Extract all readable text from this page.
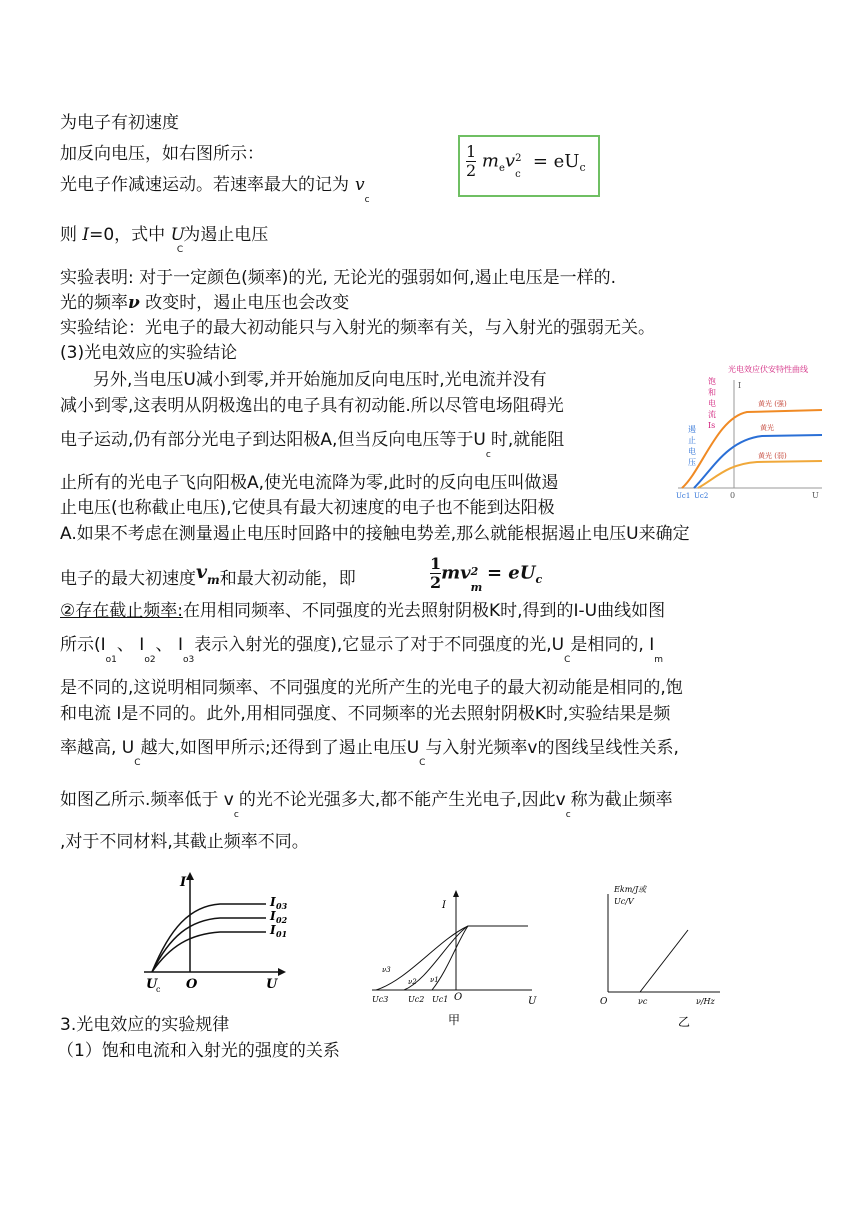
为电子有初速度
加反向电压，如右图所示：
光电子作减速运动。若速率最大的记为 $v_c$
$\frac{1}{2} m_ev$ 2
c
= $eU_c$
则 I=0，式中 $U_C$为遏止电压
实验表明: 对于一定颜色(频率)的光, 无论光的强弱如何,遏止电压是一样的.
光的频率ν 改变时，遏止电压也会改变
实验结论：光电子的最大初动能只与入射光的频率有关，与入射光的强弱无关。
(3)光电效应的实验结论
另外,当电压U减小到零,并开始施加反向电压时,光电流并没有
减小到零,这表明从阴极逸出的电子具有初动能.所以尽管电场阻碍光
电子运动,仍有部分光电子到达阳极A,但当反向电压等于$U_c$时,就能阻
止所有的光电子飞向阳极A,使光电流降为零,此时的反向电压叫做遏
止电压(也称截止电压),它使具有最大初速度的电子也不能到达阳极
A.如果不考虑在测量遏止电压时回路中的接触电势差,那么就能根据遏止电压U来确定
电子的最大初速度vm和最大初动能，即	$\frac{1}{2}$ mv 2
m
= $eU_c$
②存在截止频率:在用相同频率、不同强度的光去照射阴极K时,得到的I-U曲线如图
所示($I_{o1}$、 $I_{o2}$、 $I_{o3}$表示入射光的强度),它显示了对于不同强度的光$,U_C$是相同的, $I_m$
是不同的,这说明相同频率、不同强度的光所产生的光电子的最大初动能是相同的,饱
和电流 I是不同的。此外,用相同强度、不同频率的光去照射阴极K时,实验结果是频
率越高, $U_C$越大,如图甲所示;还得到了遏止电压$U_C$与入射光频率v的图线呈线性关系,
如图乙所示.频率低于 $v_c$的光不论光强多大,都不能产生光电子,因此$v_c$称为截止频率
,对于不同材料,其截止频率不同。
3.光电效应的实验规律
（1）饱和电流和入射光的强度的关系
光电效应伏安特性曲线
饱
和
电
流
Is
遏
止
电
压
I
U
0
Uc1 Uc2
黄光 (强)
黄光
黄光 (弱)
I
U
O
U
c
I 03
I 02
I 01
I
U
O
ν3
ν2 ν1
Uc3 Uc2 Uc1
甲
Ekm/J或
Uc/V
O	νc	ν/Hz
乙
